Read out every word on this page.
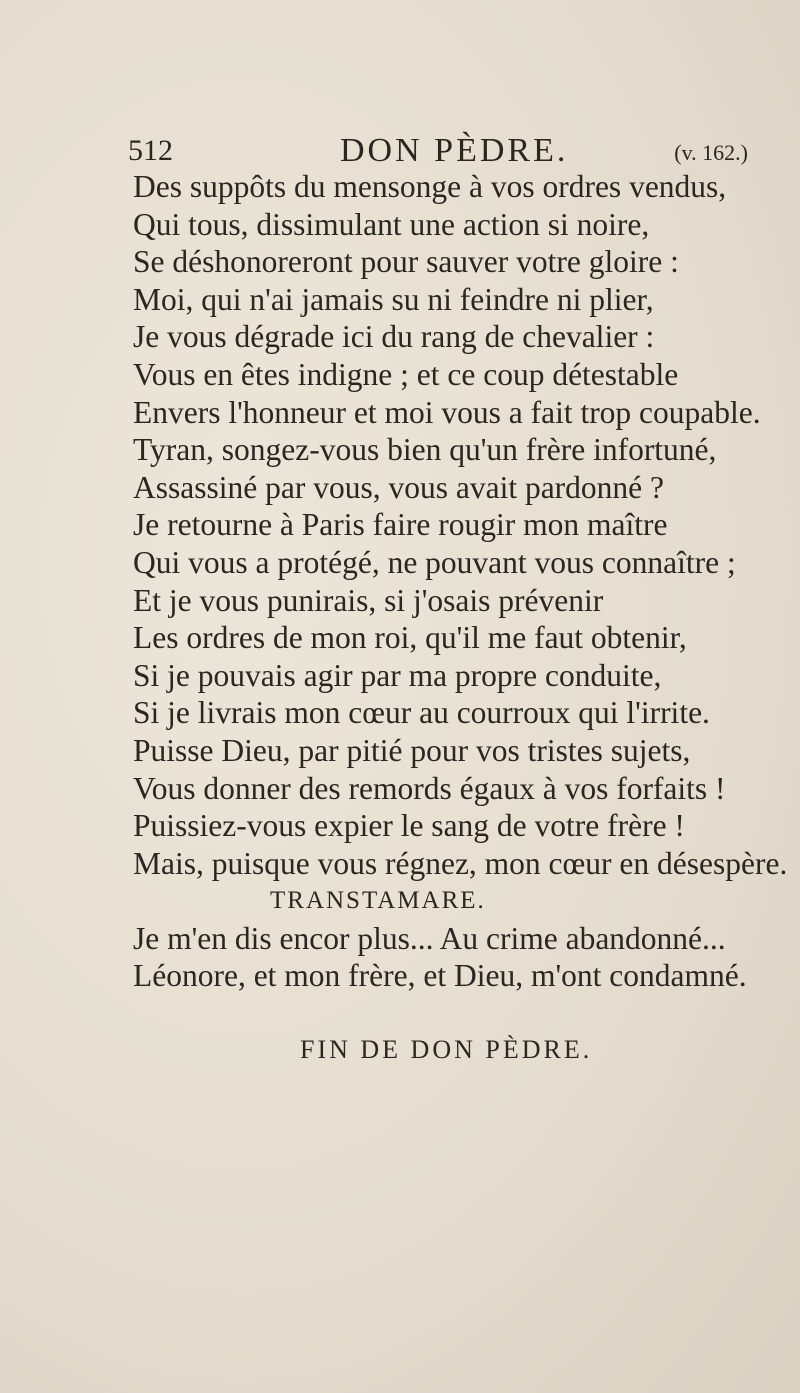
512	DON PÈDRE.	(v. 162.)
Des suppôts du mensonge à vos ordres vendus,
Qui tous, dissimulant une action si noire,
Se déshonoreront pour sauver votre gloire :
Moi, qui n'ai jamais su ni feindre ni plier,
Je vous dégrade ici du rang de chevalier :
Vous en êtes indigne ; et ce coup détestable
Envers l'honneur et moi vous a fait trop coupable.
Tyran, songez-vous bien qu'un frère infortuné,
Assassiné par vous, vous avait pardonné ?
Je retourne à Paris faire rougir mon maître
Qui vous a protégé, ne pouvant vous connaître ;
Et je vous punirais, si j'osais prévenir
Les ordres de mon roi, qu'il me faut obtenir,
Si je pouvais agir par ma propre conduite,
Si je livrais mon cœur au courroux qui l'irrite.
Puisse Dieu, par pitié pour vos tristes sujets,
Vous donner des remords égaux à vos forfaits !
Puissiez-vous expier le sang de votre frère !
Mais, puisque vous régnez, mon cœur en désespère.
TRANSTAMARE.
Je m'en dis encor plus... Au crime abandonné...
Léonore, et mon frère, et Dieu, m'ont condamné.
FIN DE DON PÈDRE.
